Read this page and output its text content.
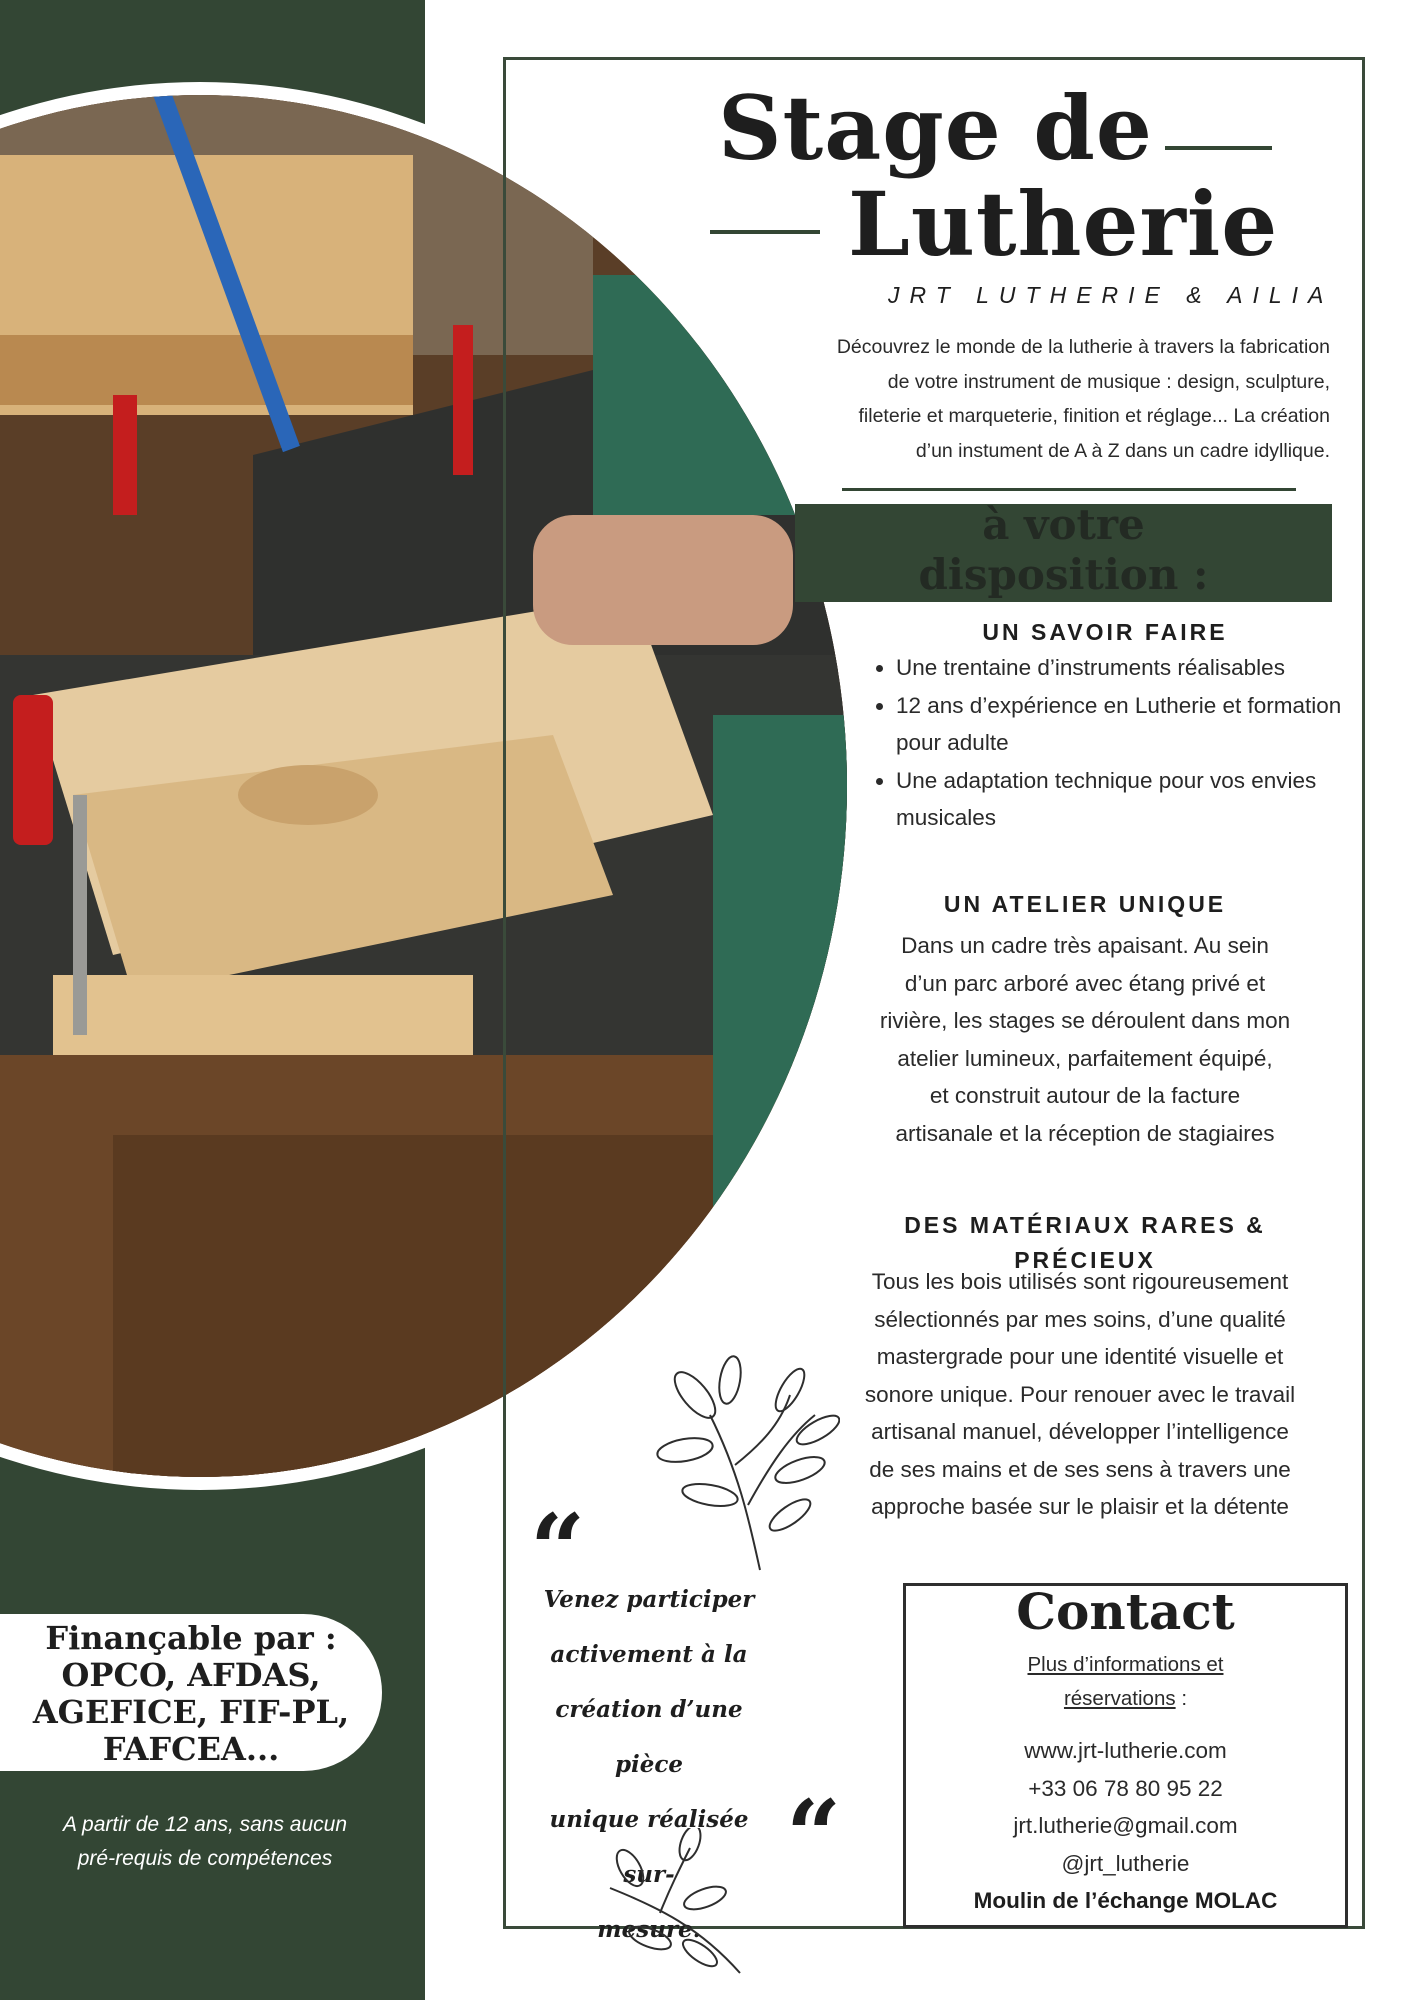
Stage de
Lutherie
JRT LUTHERIE & AILIA
Découvrez le monde de la lutherie à travers la fabrication
de votre instrument de musique : design, sculpture,
fileterie et marqueterie, finition et réglage... La création
d’un instument de A à Z dans un cadre idyllique.
à votre
disposition :
UN SAVOIR FAIRE
• Une trentaine d’instruments réalisables
• 12 ans d’expérience en Lutherie et formation pour adulte
• Une adaptation technique pour vos envies musicales
UN ATELIER UNIQUE
Dans un cadre très apaisant. Au sein
d’un parc arboré avec étang privé et
rivière, les stages se déroulent dans mon
atelier lumineux, parfaitement équipé,
et construit autour de la facture
artisanale et la réception de stagiaires
DES MATÉRIAUX RARES &
PRÉCIEUX
Tous les bois utilisés sont rigoureusement
sélectionnés par mes soins, d’une qualité
mastergrade pour une identité visuelle et
sonore unique. Pour renouer avec le travail
artisanal manuel, développer l’intelligence
de ses mains et de ses sens à travers une
approche basée sur le plaisir et la détente
“
Venez participer
activement à la
création d’une pièce
unique réalisée sur-
mesure.
“
Contact
Plus d’informations et
réservations :
www.jrt-lutherie.com
+33 06 78 80 95 22
jrt.lutherie@gmail.com
@jrt_lutherie
Moulin de l’échange MOLAC
Finançable par :
OPCO, AFDAS,
AGEFICE, FIF-PL,
FAFCEA...
A partir de 12 ans, sans aucun
pré-requis de compétences
